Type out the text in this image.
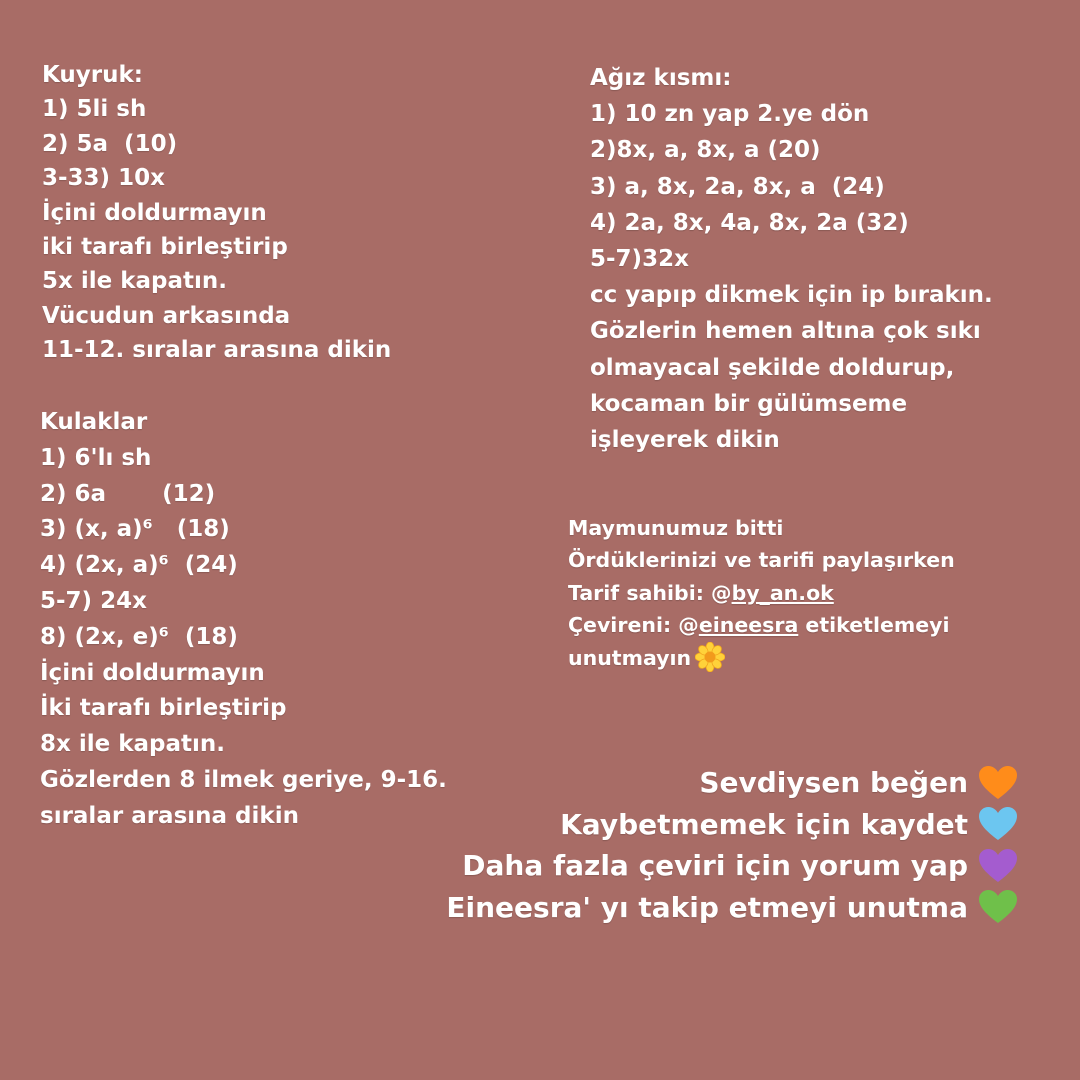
Kuyruk:
1) 5li sh
2) 5a  (10)
3-33) 10x
İçini doldurmayın
iki tarafı birleştirip
5x ile kapatın.
Vücudun arkasında
11-12. sıralar arasına dikin
Kulaklar
1) 6'lı sh
2) 6a       (12)
3) (x, a)⁶   (18)
4) (2x, a)⁶  (24)
5-7) 24x
8) (2x, e)⁶  (18)
İçini doldurmayın
İki tarafı birleştirip
8x ile kapatın.
Gözlerden 8 ilmek geriye, 9-16.
sıralar arasına dikin
Ağız kısmı:
1) 10 zn yap 2.ye dön
2)8x, a, 8x, a (20)
3) a, 8x, 2a, 8x, a  (24)
4) 2a, 8x, 4a, 8x, 2a (32)
5-7)32x
cc yapıp dikmek için ip bırakın.
Gözlerin hemen altına çok sıkı
olmayacal şekilde doldurup,
kocaman bir gülümseme
işleyerek dikin
Maymunumuz bitti
Ördüklerinizi ve tarifi paylaşırken
Tarif sahibi: @by_an.ok
Çevireni: @eineesra etiketlemeyi
unutmayın
Sevdiysen beğen
Kaybetmemek için kaydet
Daha fazla çeviri için yorum yap
Eineesra' yı takip etmeyi unutma
